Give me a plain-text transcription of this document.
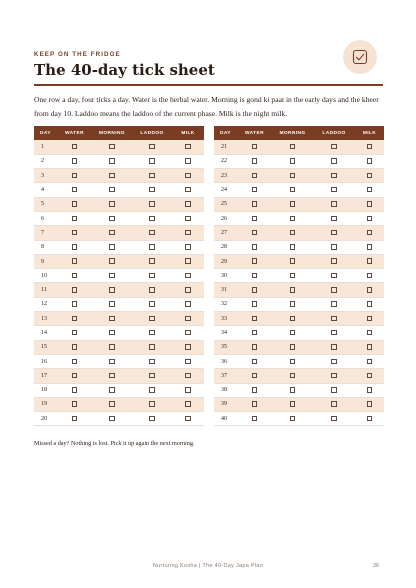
KEEP ON THE FRIDGE
The 40-day tick sheet

One row a day, four ticks a day. Water is the herbal water. Morning is gond ki paat in the early days and the kheer from day 10. Laddoo means the laddoo of the current phase. Milk is the night milk.

DAY	WATER	MORNING	LADDOO	MILK
1				
2				
3				
4				
5				
6				
7				
8				
9				
10				
11				
12				
13				
14				
15				
16				
17				
18				
19				
20				
DAY	WATER	MORNING	LADDOO	MILK
21				
22				
23				
24				
25				
26				
27				
28				
29				
30				
31				
32				
33				
34				
35				
36				
37				
38				
39				
40				

Missed a day? Nothing is lost. Pick it up again the next morning.

Nurturing Kosha | The 40-Day Japa Plan	26
